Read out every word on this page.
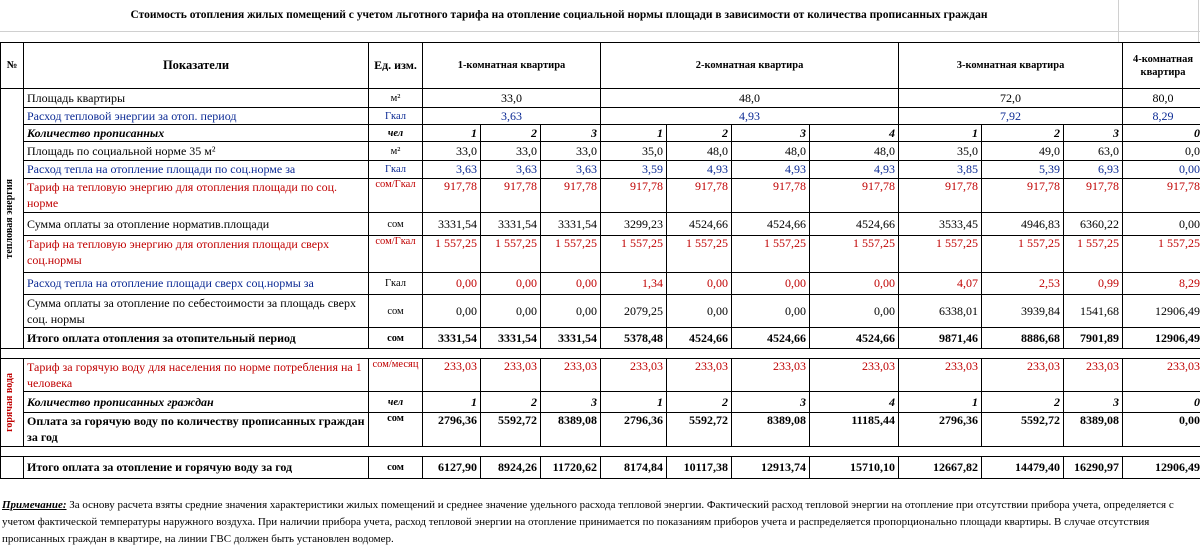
Стоимость отопления жилых помещений с учетом льготного тарифа на отопление социальной нормы площади в зависимости от количества прописанных граждан
№	Показатели	Ед. изм.	1-комнатная квартира			2-комнатная квартира				3-комнатная квартира			4-комнатная квартира

тепловая энергия	Площадь квартиры	м²	33,0			48,0				72,0			80,0
	Расход тепловой энергии за отоп. период	Гкал	3,63			4,93				7,92			8,29
	Количество прописанных	чел	1	2	3	1	2	3	4	1	2	3	0
	Площадь по социальной норме 35 м²	м²	33,0	33,0	33,0	35,0	48,0	48,0	48,0	35,0	49,0	63,0	0,0
	Расход тепла на отопление площади по соц.норме за	Гкал	3,63	3,63	3,63	3,59	4,93	4,93	4,93	3,85	5,39	6,93	0,00
	Тариф на тепловую энергию для отопления площади по соц. норме	сом/Гкал	917,78	917,78	917,78	917,78	917,78	917,78	917,78	917,78	917,78	917,78	917,78
	Сумма оплаты за отопление норматив.площади	сом	3331,54	3331,54	3331,54	3299,23	4524,66	4524,66	4524,66	3533,45	4946,83	6360,22	0,00
	Тариф на тепловую энергию для отопления площади сверх соц.нормы	сом/Гкал	1 557,25	1 557,25	1 557,25	1 557,25	1 557,25	1 557,25	1 557,25	1 557,25	1 557,25	1 557,25	1 557,25
	Расход тепла на отопление площади сверх соц.нормы за	Гкал	0,00	0,00	0,00	1,34	0,00	0,00	0,00	4,07	2,53	0,99	8,29
	Сумма оплаты за отопление по себестоимости за площадь сверх соц. нормы	сом	0,00	0,00	0,00	2079,25	0,00	0,00	0,00	6338,01	3939,84	1541,68	12906,49
	Итого оплата отопления за отопительный период	сом	3331,54	3331,54	3331,54	5378,48	4524,66	4524,66	4524,66	9871,46	8886,68	7901,89	12906,49

горячая вода	Тариф за горячую воду для населения по норме потребления на 1 человека	сом/месяц	233,03	233,03	233,03	233,03	233,03	233,03	233,03	233,03	233,03	233,03	233,03
	Количество прописанных граждан	чел	1	2	3	1	2	3	4	1	2	3	0
	Оплата за горячую воду по количеству прописанных граждан за год	сом	2796,36	5592,72	8389,08	2796,36	5592,72	8389,08	11185,44	2796,36	5592,72	8389,08	0,00

	Итого оплата за отопление и горячую воду за год	сом	6127,90	8924,26	11720,62	8174,84	10117,38	12913,74	15710,10	12667,82	14479,40	16290,97	12906,49
Примечание: За основу расчета взяты средние значения характеристики жилых помещений и среднее значение удельного расхода тепловой энергии. Фактический расход тепловой энергии на отопление при отсутствии прибора учета, определяется с учетом фактической температуры наружного воздуха. При наличии прибора учета, расход тепловой энергии на отопление принимается по показаниям приборов учета и распределяется пропорционально площади квартиры. В случае отсутствия прописанных граждан в квартире, на линии ГВС должен быть установлен водомер.
